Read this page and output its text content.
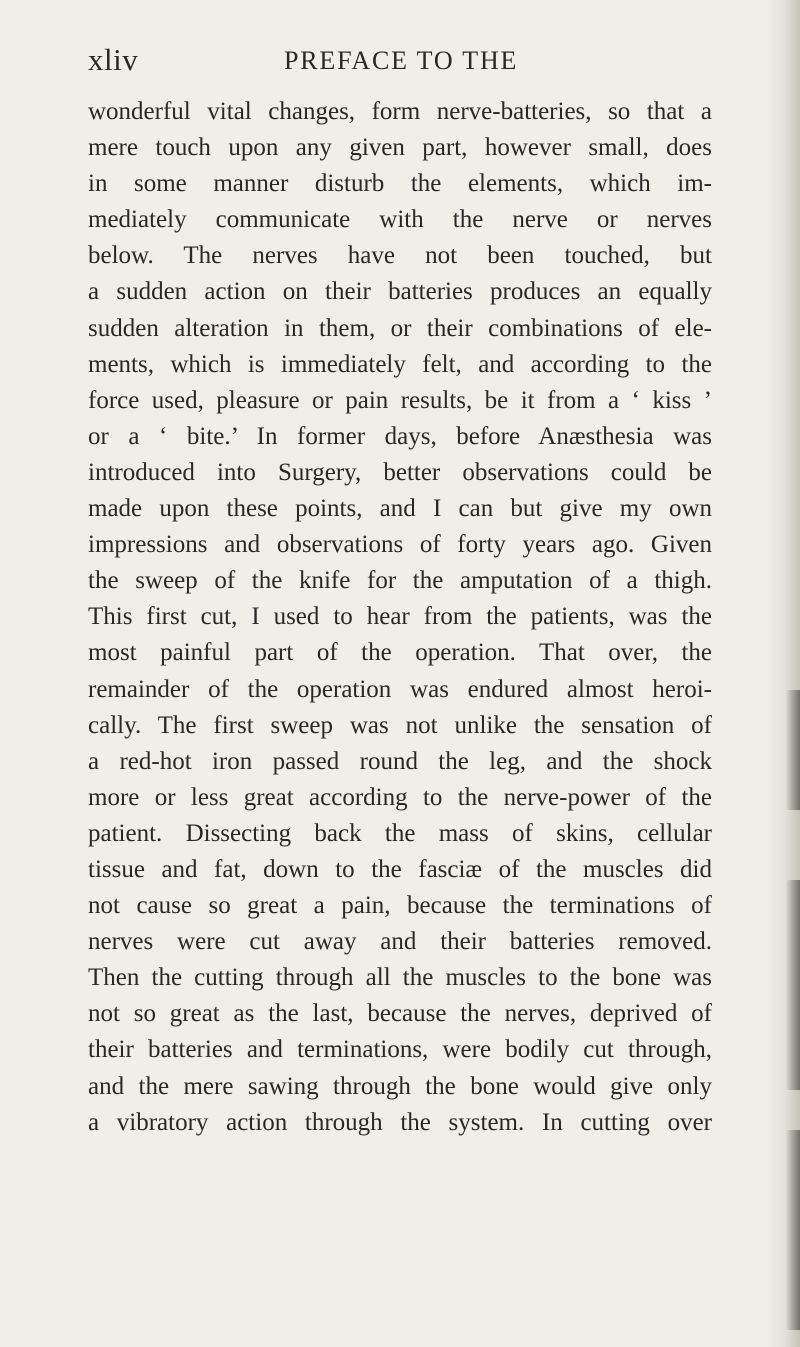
xliv	PREFACE TO THE
wonderful vital changes, form nerve-batteries, so that a
mere touch upon any given part, however small, does
in some manner disturb the elements, which im-
mediately communicate with the nerve or nerves
below. The nerves have not been touched, but
a sudden action on their batteries produces an equally
sudden alteration in them, or their combinations of ele-
ments, which is immediately felt, and according to the
force used, pleasure or pain results, be it from a ‘ kiss ’
or a ‘ bite.’ In former days, before Anæsthesia was
introduced into Surgery, better observations could be
made upon these points, and I can but give my own
impressions and observations of forty years ago. Given
the sweep of the knife for the amputation of a thigh.
This first cut, I used to hear from the patients, was the
most painful part of the operation. That over, the
remainder of the operation was endured almost heroi-
cally. The first sweep was not unlike the sensation of
a red-hot iron passed round the leg, and the shock
more or less great according to the nerve-power of the
patient. Dissecting back the mass of skins, cellular
tissue and fat, down to the fasciæ of the muscles did
not cause so great a pain, because the terminations of
nerves were cut away and their batteries removed.
Then the cutting through all the muscles to the bone was
not so great as the last, because the nerves, deprived of
their batteries and terminations, were bodily cut through,
and the mere sawing through the bone would give only
a vibratory action through the system. In cutting over
